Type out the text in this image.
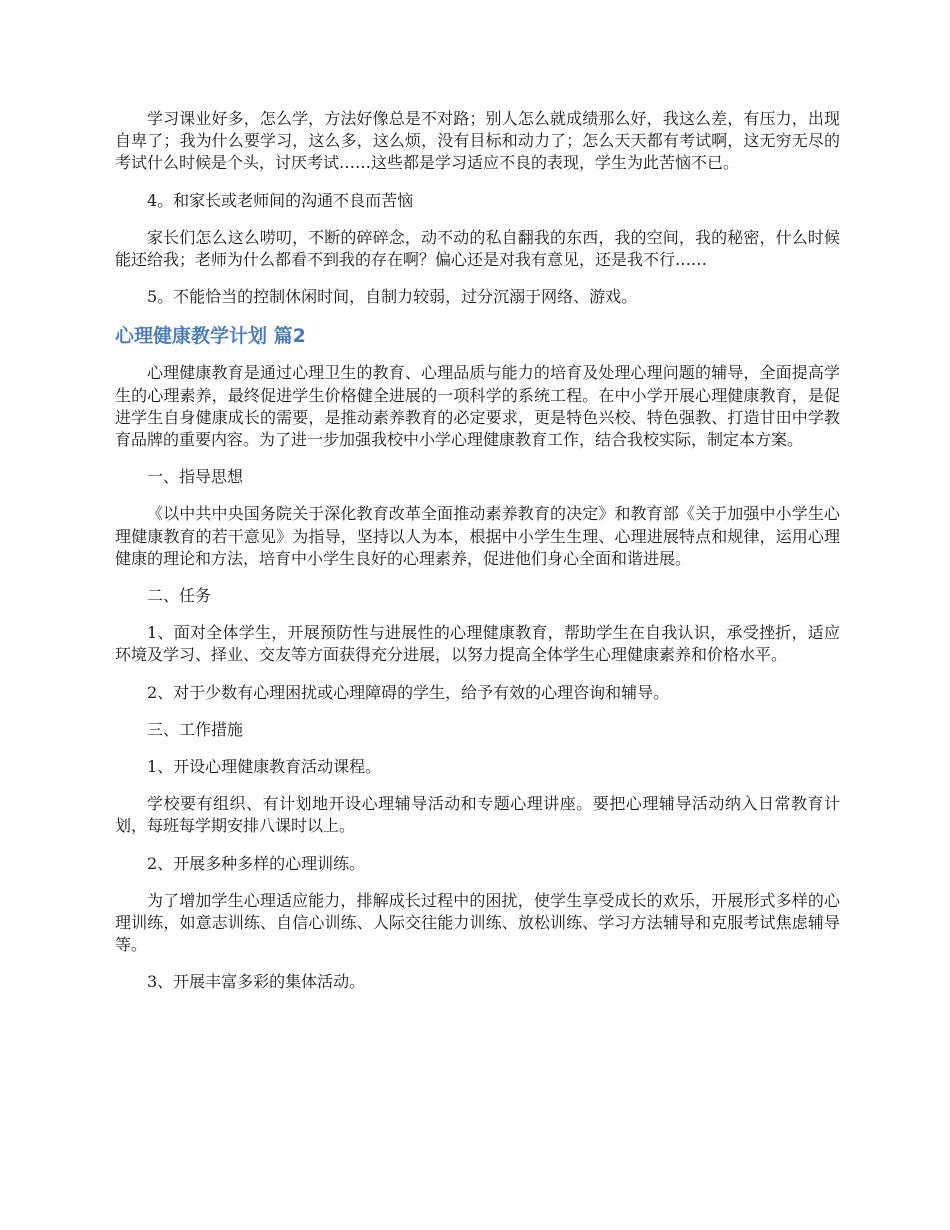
学习课业好多，怎么学，方法好像总是不对路；别人怎么就成绩那么好，我这么差，有压力，出现自卑了；我为什么要学习，这么多，这么烦，没有目标和动力了；怎么天天都有考试啊，这无穷无尽的考试什么时候是个头，讨厌考试……这些都是学习适应不良的表现，学生为此苦恼不已。

4。和家长或老师间的沟通不良而苦恼

家长们怎么这么唠叨，不断的碎碎念，动不动的私自翻我的东西，我的空间，我的秘密，什么时候能还给我；老师为什么都看不到我的存在啊？偏心还是对我有意见，还是我不行……

5。不能恰当的控制休闲时间，自制力较弱，过分沉溺于网络、游戏。

心理健康教学计划 篇2

心理健康教育是通过心理卫生的教育、心理品质与能力的培育及处理心理问题的辅导，全面提高学生的心理素养，最终促进学生价格健全进展的一项科学的系统工程。在中小学开展心理健康教育，是促进学生自身健康成长的需要，是推动素养教育的必定要求，更是特色兴校、特色强教、打造甘田中学教育品牌的重要内容。为了进一步加强我校中小学心理健康教育工作，结合我校实际，制定本方案。

一、指导思想

《以中共中央国务院关于深化教育改革全面推动素养教育的决定》和教育部《关于加强中小学生心理健康教育的若干意见》为指导，坚持以人为本，根据中小学生生理、心理进展特点和规律，运用心理健康的理论和方法，培育中小学生良好的心理素养，促进他们身心全面和谐进展。

二、任务

1、面对全体学生，开展预防性与进展性的心理健康教育，帮助学生在自我认识，承受挫折，适应环境及学习、择业、交友等方面获得充分进展，以努力提高全体学生心理健康素养和价格水平。

2、对于少数有心理困扰或心理障碍的学生，给予有效的心理咨询和辅导。

三、工作措施

1、开设心理健康教育活动课程。

学校要有组织、有计划地开设心理辅导活动和专题心理讲座。要把心理辅导活动纳入日常教育计划，每班每学期安排八课时以上。

2、开展多种多样的心理训练。

为了增加学生心理适应能力，排解成长过程中的困扰，使学生享受成长的欢乐，开展形式多样的心理训练，如意志训练、自信心训练、人际交往能力训练、放松训练、学习方法辅导和克服考试焦虑辅导等。

3、开展丰富多彩的集体活动。
